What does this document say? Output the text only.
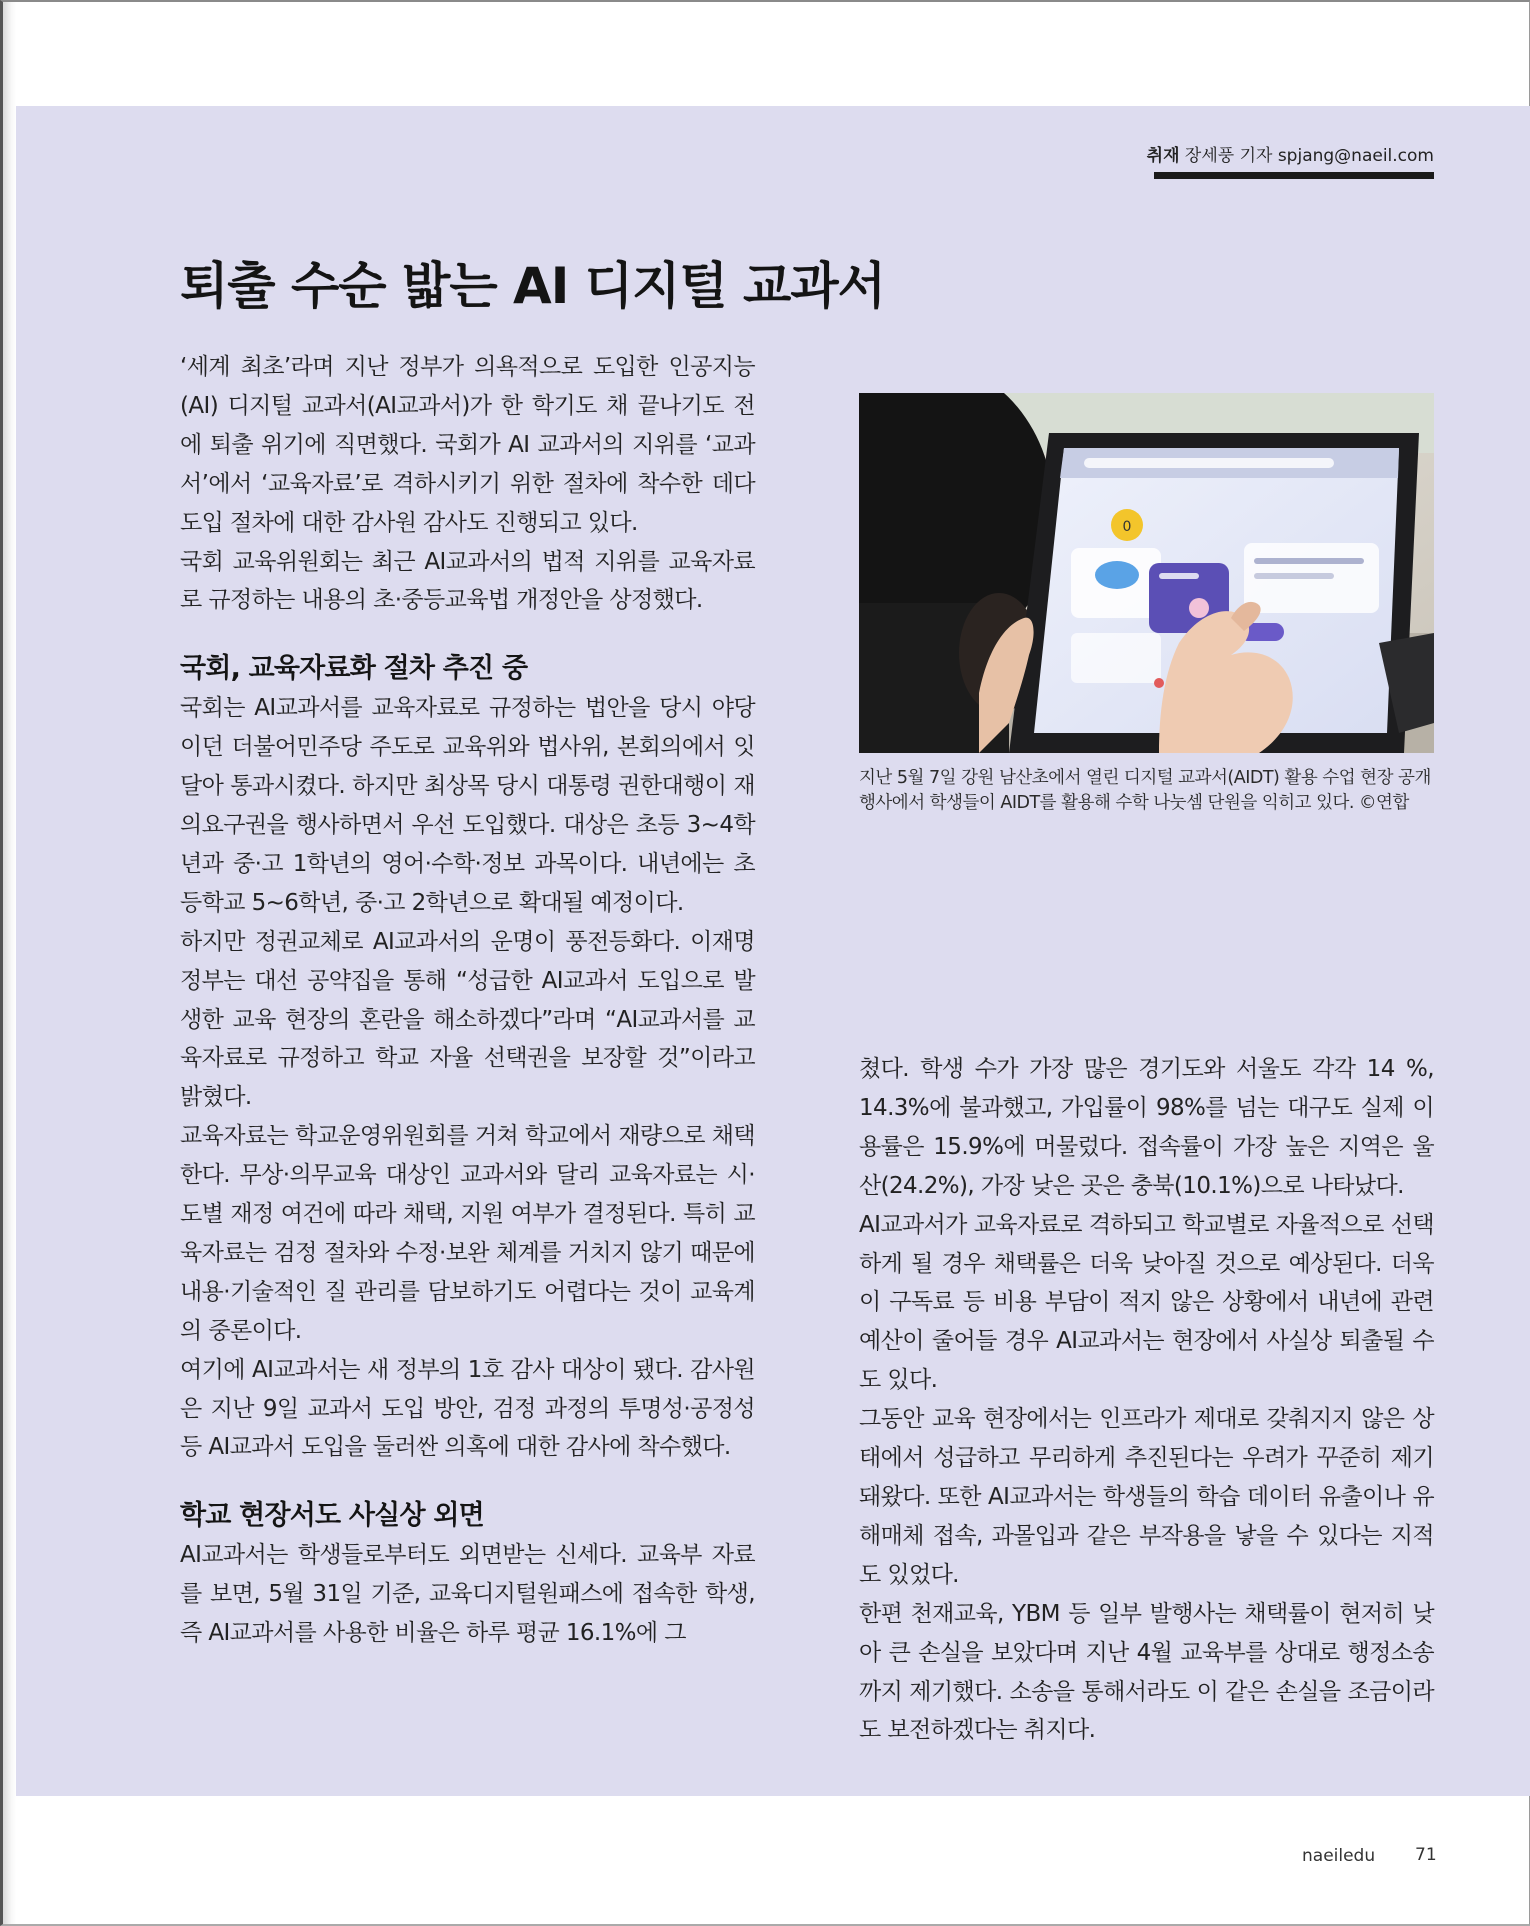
취재 장세풍 기자 spjang@naeil.com
퇴출 수순 밟는 AI 디지털 교과서

‘세계 최초’라며 지난 정부가 의욕적으로 도입한 인공지능(AI) 디지털 교과서(AI교과서)가 한 학기도 채 끝나기도 전에 퇴출 위기에 직면했다. 국회가 AI 교과서의 지위를 ‘교과서’에서 ‘교육자료’로 격하시키기 위한 절차에 착수한 데다 도입 절차에 대한 감사원 감사도 진행되고 있다.

국회 교육위원회는 최근 AI교과서의 법적 지위를 교육자료로 규정하는 내용의 초·중등교육법 개정안을 상정했다.

국회, 교육자료화 절차 추진 중

국회는 AI교과서를 교육자료로 규정하는 법안을 당시 야당이던 더불어민주당 주도로 교육위와 법사위, 본회의에서 잇달아 통과시켰다. 하지만 최상목 당시 대통령 권한대행이 재의요구권을 행사하면서 우선 도입했다. 대상은 초등 3~4학년과 중·고 1학년의 영어·수학·정보 과목이다. 내년에는 초등학교 5~6학년, 중·고 2학년으로 확대될 예정이다.

하지만 정권교체로 AI교과서의 운명이 풍전등화다. 이재명정부는 대선 공약집을 통해 “성급한 AI교과서 도입으로 발생한 교육 현장의 혼란을 해소하겠다”라며 “AI교과서를 교육자료로 규정하고 학교 자율 선택권을 보장할 것”이라고 밝혔다.

교육자료는 학교운영위원회를 거쳐 학교에서 재량으로 채택한다. 무상·의무교육 대상인 교과서와 달리 교육자료는 시·도별 재정 여건에 따라 채택, 지원 여부가 결정된다. 특히 교육자료는 검정 절차와 수정·보완 체계를 거치지 않기 때문에 내용·기술적인 질 관리를 담보하기도 어렵다는 것이 교육계의 중론이다.

여기에 AI교과서는 새 정부의 1호 감사 대상이 됐다. 감사원은 지난 9일 교과서 도입 방안, 검정 과정의 투명성·공정성 등 AI교과서 도입을 둘러싼 의혹에 대한 감사에 착수했다.

학교 현장서도 사실상 외면

AI교과서는 학생들로부터도 외면받는 신세다. 교육부 자료를 보면, 5월 31일 기준, 교육디지털원패스에 접속한 학생, 즉 AI교과서를 사용한 비율은 하루 평균 16.1%에 그

0
지난 5월 7일 강원 남산초에서 열린 디지털 교과서(AIDT) 활용 수업 현장 공개 행사에서 학생들이 AIDT를 활용해 수학 나눗셈 단원을 익히고 있다. ©연합

쳤다. 학생 수가 가장 많은 경기도와 서울도 각각 14 %, 14.3%에 불과했고, 가입률이 98%를 넘는 대구도 실제 이용률은 15.9%에 머물렀다. 접속률이 가장 높은 지역은 울산(24.2%), 가장 낮은 곳은 충북(10.1%)으로 나타났다.

AI교과서가 교육자료로 격하되고 학교별로 자율적으로 선택하게 될 경우 채택률은 더욱 낮아질 것으로 예상된다. 더욱이 구독료 등 비용 부담이 적지 않은 상황에서 내년에 관련 예산이 줄어들 경우 AI교과서는 현장에서 사실상 퇴출될 수도 있다.

그동안 교육 현장에서는 인프라가 제대로 갖춰지지 않은 상태에서 성급하고 무리하게 추진된다는 우려가 꾸준히 제기돼왔다. 또한 AI교과서는 학생들의 학습 데이터 유출이나 유해매체 접속, 과몰입과 같은 부작용을 낳을 수 있다는 지적도 있었다.

한편 천재교육, YBM 등 일부 발행사는 채택률이 현저히 낮아 큰 손실을 보았다며 지난 4월 교육부를 상대로 행정소송까지 제기했다. 소송을 통해서라도 이 같은 손실을 조금이라도 보전하겠다는 취지다.

naeiledu 71
